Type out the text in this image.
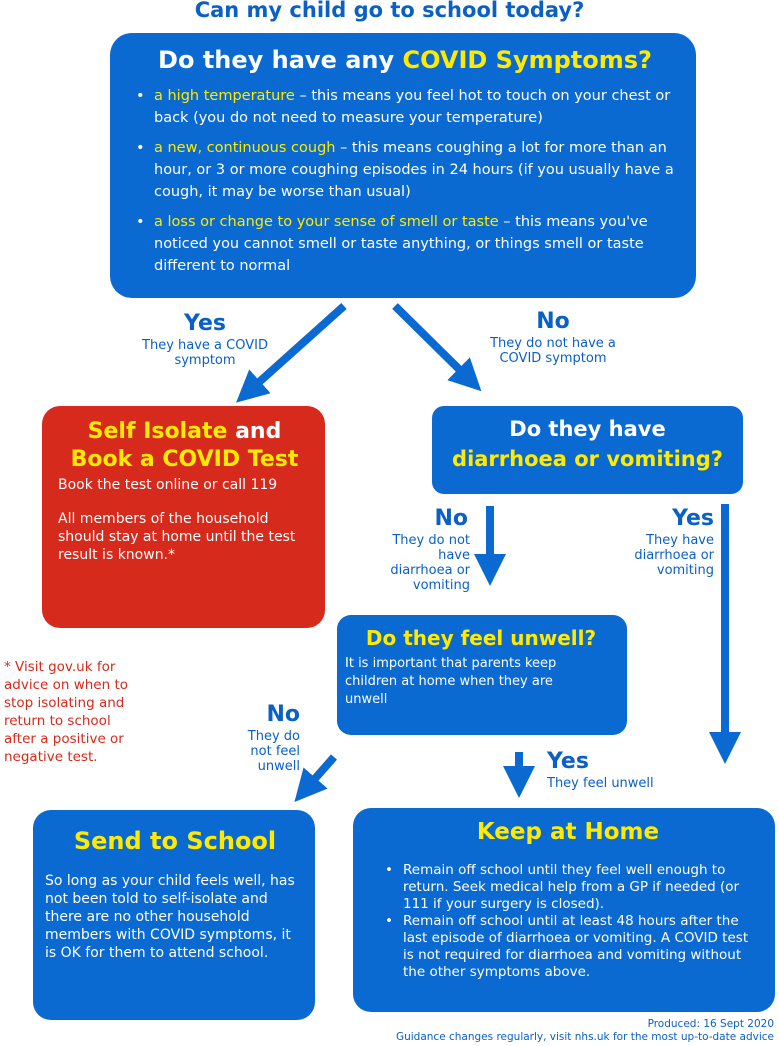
Can my child go to school today?
Do they have any COVID Symptoms?
• a high temperature – this means you feel hot to touch on your chest or back (you do not need to measure your temperature)
• a new, continuous cough – this means coughing a lot for more than an hour, or 3 or more coughing episodes in 24 hours (if you usually have a cough, it may be worse than usual)
• a loss or change to your sense of smell or taste – this means you've noticed you cannot smell or taste anything, or things smell or taste different to normal
Yes
They have a COVID symptom
No
They do not have a COVID symptom
Self Isolate and
Book a COVID Test
Book the test online or call 119
All members of the household should stay at home until the test result is known.*
Do they have
diarrhoea or vomiting?
No
They do not have diarrhoea or vomiting
Yes
They have diarrhoea or vomiting
Do they feel unwell?
It is important that parents keep children at home when they are unwell
* Visit gov.uk for advice on when to stop isolating and return to school after a positive or negative test.
No
They do not feel unwell	Yes
They feel unwell
Send to School
So long as your child feels well, has not been told to self-isolate and there are no other household members with COVID symptoms, it is OK for them to attend school.
Keep at Home
• Remain off school until they feel well enough to return. Seek medical help from a GP if needed (or 111 if your surgery is closed).
• Remain off school until at least 48 hours after the last episode of diarrhoea or vomiting. A COVID test is not required for diarrhoea and vomiting without the other symptoms above.
Produced: 16 Sept 2020
Guidance changes regularly, visit nhs.uk for the most up-to-date advice
